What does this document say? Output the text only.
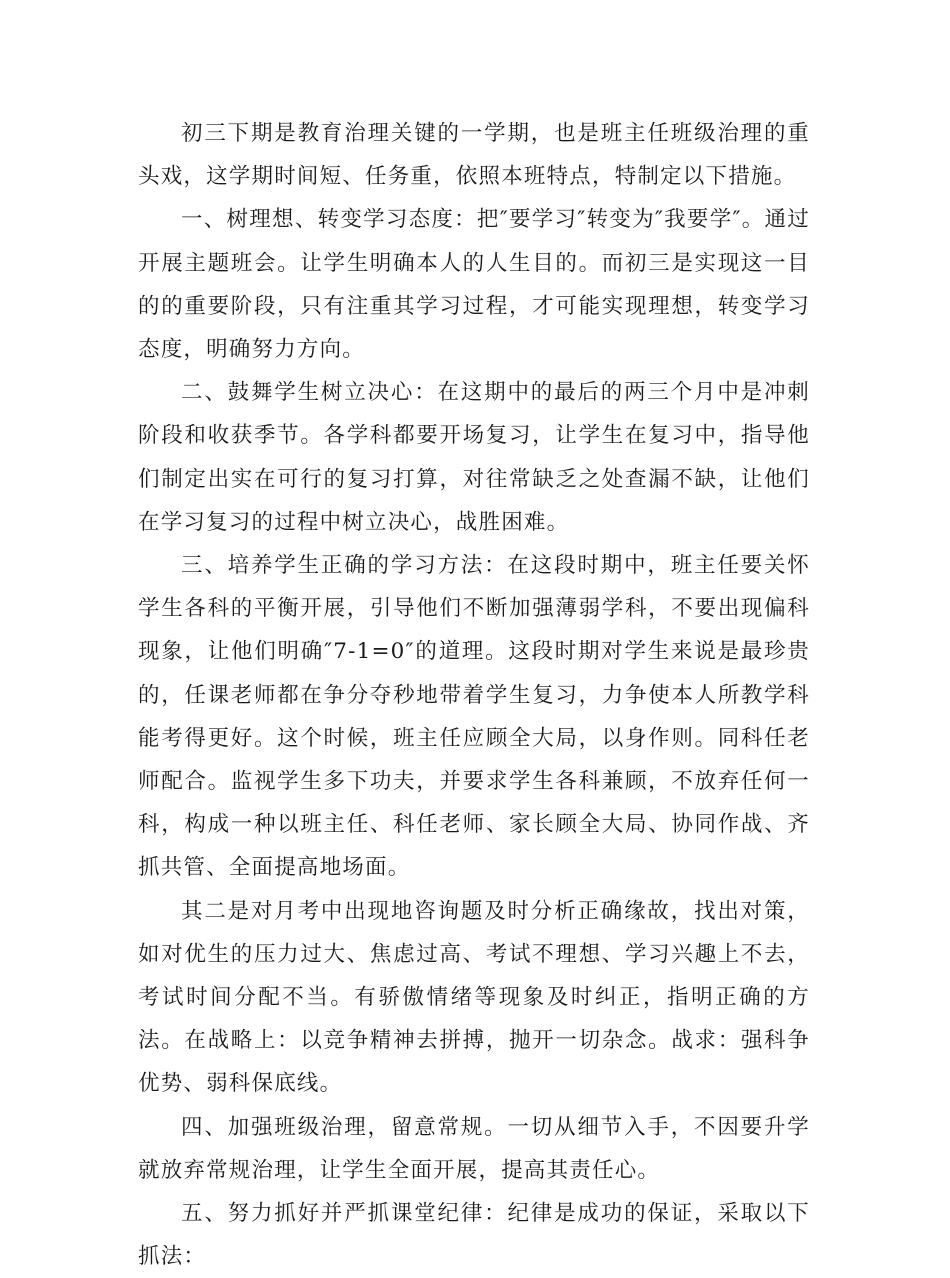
初三下期是教育治理关键的一学期，也是班主任班级治理的重头戏，这学期时间短、任务重，依照本班特点，特制定以下措施。

一、树理想、转变学习态度：把″要学习″转变为″我要学″。通过开展主题班会。让学生明确本人的人生目的。而初三是实现这一目的的重要阶段，只有注重其学习过程，才可能实现理想，转变学习态度，明确努力方向。

二、鼓舞学生树立决心：在这期中的最后的两三个月中是冲刺阶段和收获季节。各学科都要开场复习，让学生在复习中，指导他们制定出实在可行的复习打算，对往常缺乏之处查漏不缺，让他们在学习复习的过程中树立决心，战胜困难。

三、培养学生正确的学习方法：在这段时期中，班主任要关怀学生各科的平衡开展，引导他们不断加强薄弱学科，不要出现偏科现象，让他们明确″7-1=0″的道理。这段时期对学生来说是最珍贵的，任课老师都在争分夺秒地带着学生复习，力争使本人所教学科能考得更好。这个时候，班主任应顾全大局，以身作则。同科任老师配合。监视学生多下功夫，并要求学生各科兼顾，不放弃任何一科，构成一种以班主任、科任老师、家长顾全大局、协同作战、齐抓共管、全面提高地场面。

其二是对月考中出现地咨询题及时分析正确缘故，找出对策，如对优生的压力过大、焦虑过高、考试不理想、学习兴趣上不去，考试时间分配不当。有骄傲情绪等现象及时纠正，指明正确的方法。在战略上：以竞争精神去拼搏，抛开一切杂念。战求：强科争优势、弱科保底线。

四、加强班级治理，留意常规。一切从细节入手，不因要升学就放弃常规治理，让学生全面开展，提高其责任心。

五、努力抓好并严抓课堂纪律：纪律是成功的保证，采取以下抓法：
